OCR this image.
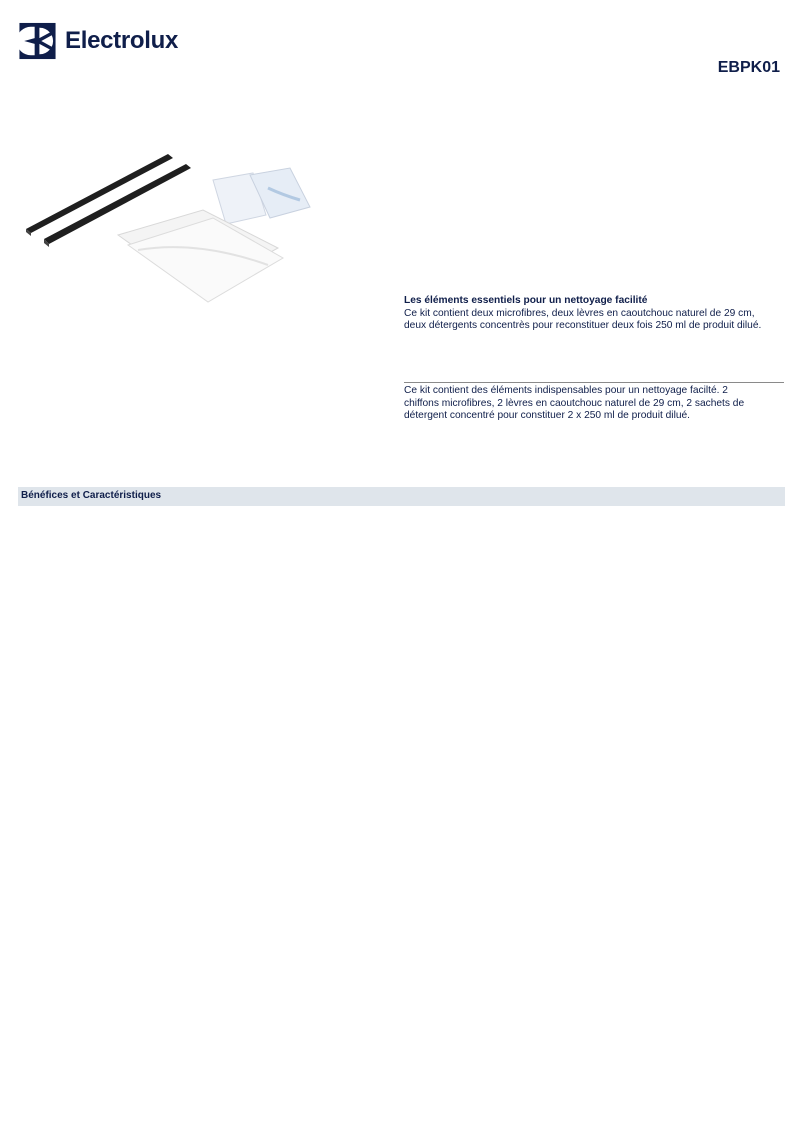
Electrolux
EBPK01
Les éléments essentiels pour un nettoyage facilité
Ce kit contient deux microfibres, deux lèvres en caoutchouc naturel de 29 cm,
deux détergents concentrès pour reconstituer deux fois 250 ml de produit dilué.
Ce kit contient des éléments indispensables pour un nettoyage facilté. 2
chiffons microfibres, 2 lèvres en caoutchouc naturel de 29 cm, 2 sachets de
détergent concentré pour constituer 2 x 250 ml de produit dilué.
Bénéfices et Caractéristiques
